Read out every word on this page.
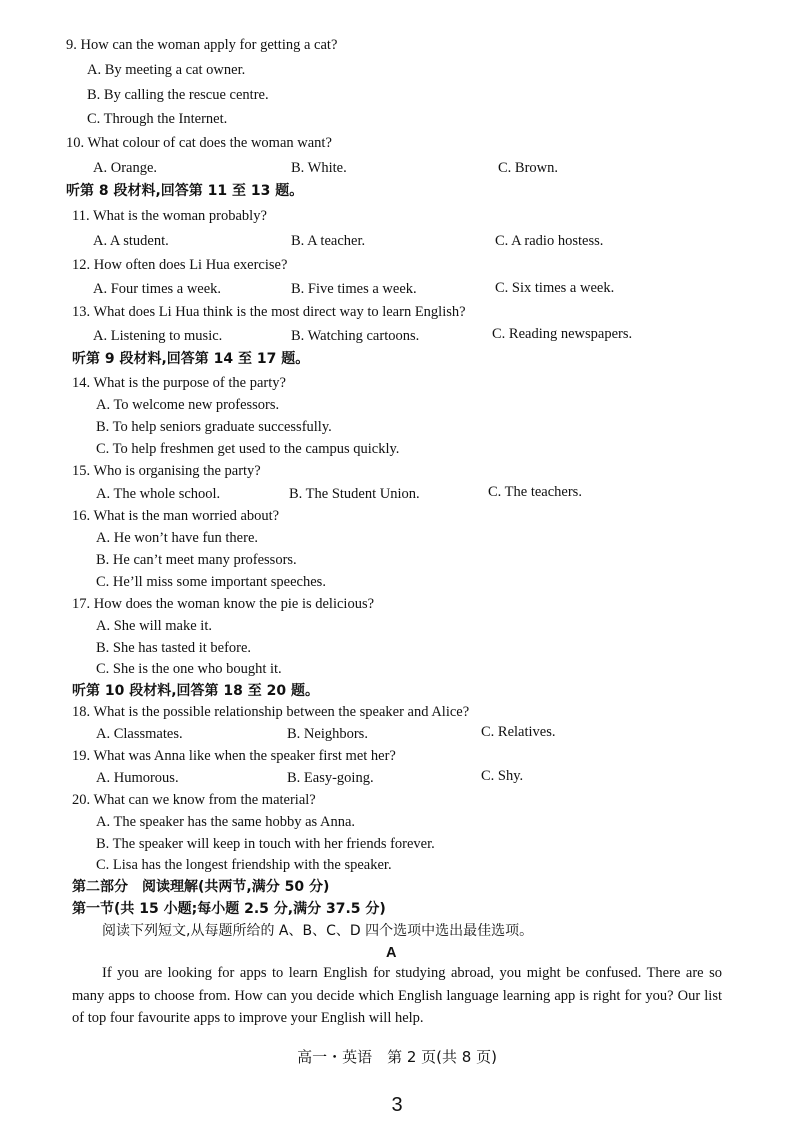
9. How can the woman apply for getting a cat?
A. By meeting a cat owner.
B. By calling the rescue centre.
C. Through the Internet.
10. What colour of cat does the woman want?
A. Orange.	B. White.	C. Brown.
听第 8 段材料,回答第 11 至 13 题。
11. What is the woman probably?
A. A student.	B. A teacher.	C. A radio hostess.
12. How often does Li Hua exercise?
A. Four times a week.	B. Five times a week.	C. Six times a week.
13. What does Li Hua think is the most direct way to learn English?
A. Listening to music.	B. Watching cartoons.	C. Reading newspapers.
听第 9 段材料,回答第 14 至 17 题。
14. What is the purpose of the party?
A. To welcome new professors.
B. To help seniors graduate successfully.
C. To help freshmen get used to the campus quickly.
15. Who is organising the party?
A. The whole school.	B. The Student Union.	C. The teachers.
16. What is the man worried about?
A. He won’t have fun there.
B. He can’t meet many professors.
C. He’ll miss some important speeches.
17. How does the woman know the pie is delicious?
A. She will make it.
B. She has tasted it before.
C. She is the one who bought it.
听第 10 段材料,回答第 18 至 20 题。
18. What is the possible relationship between the speaker and Alice?
A. Classmates.	B. Neighbors.	C. Relatives.
19. What was Anna like when the speaker first met her?
A. Humorous.	B. Easy-going.	C. Shy.
20. What can we know from the material?
A. The speaker has the same hobby as Anna.
B. The speaker will keep in touch with her friends forever.
C. Lisa has the longest friendship with the speaker.
第二部分　阅读理解(共两节,满分 50 分)
第一节(共 15 小题;每小题 2.5 分,满分 37.5 分)
阅读下列短文,从每题所给的 A、B、C、D 四个选项中选出最佳选项。
A
If you are looking for apps to learn English for studying abroad, you might be confused. There are so many apps to choose from. How can you decide which English language learning app is right for you? Our list of top four favourite apps to improve your English will help.
高一・英语　第 2 页(共 8 页)
3
